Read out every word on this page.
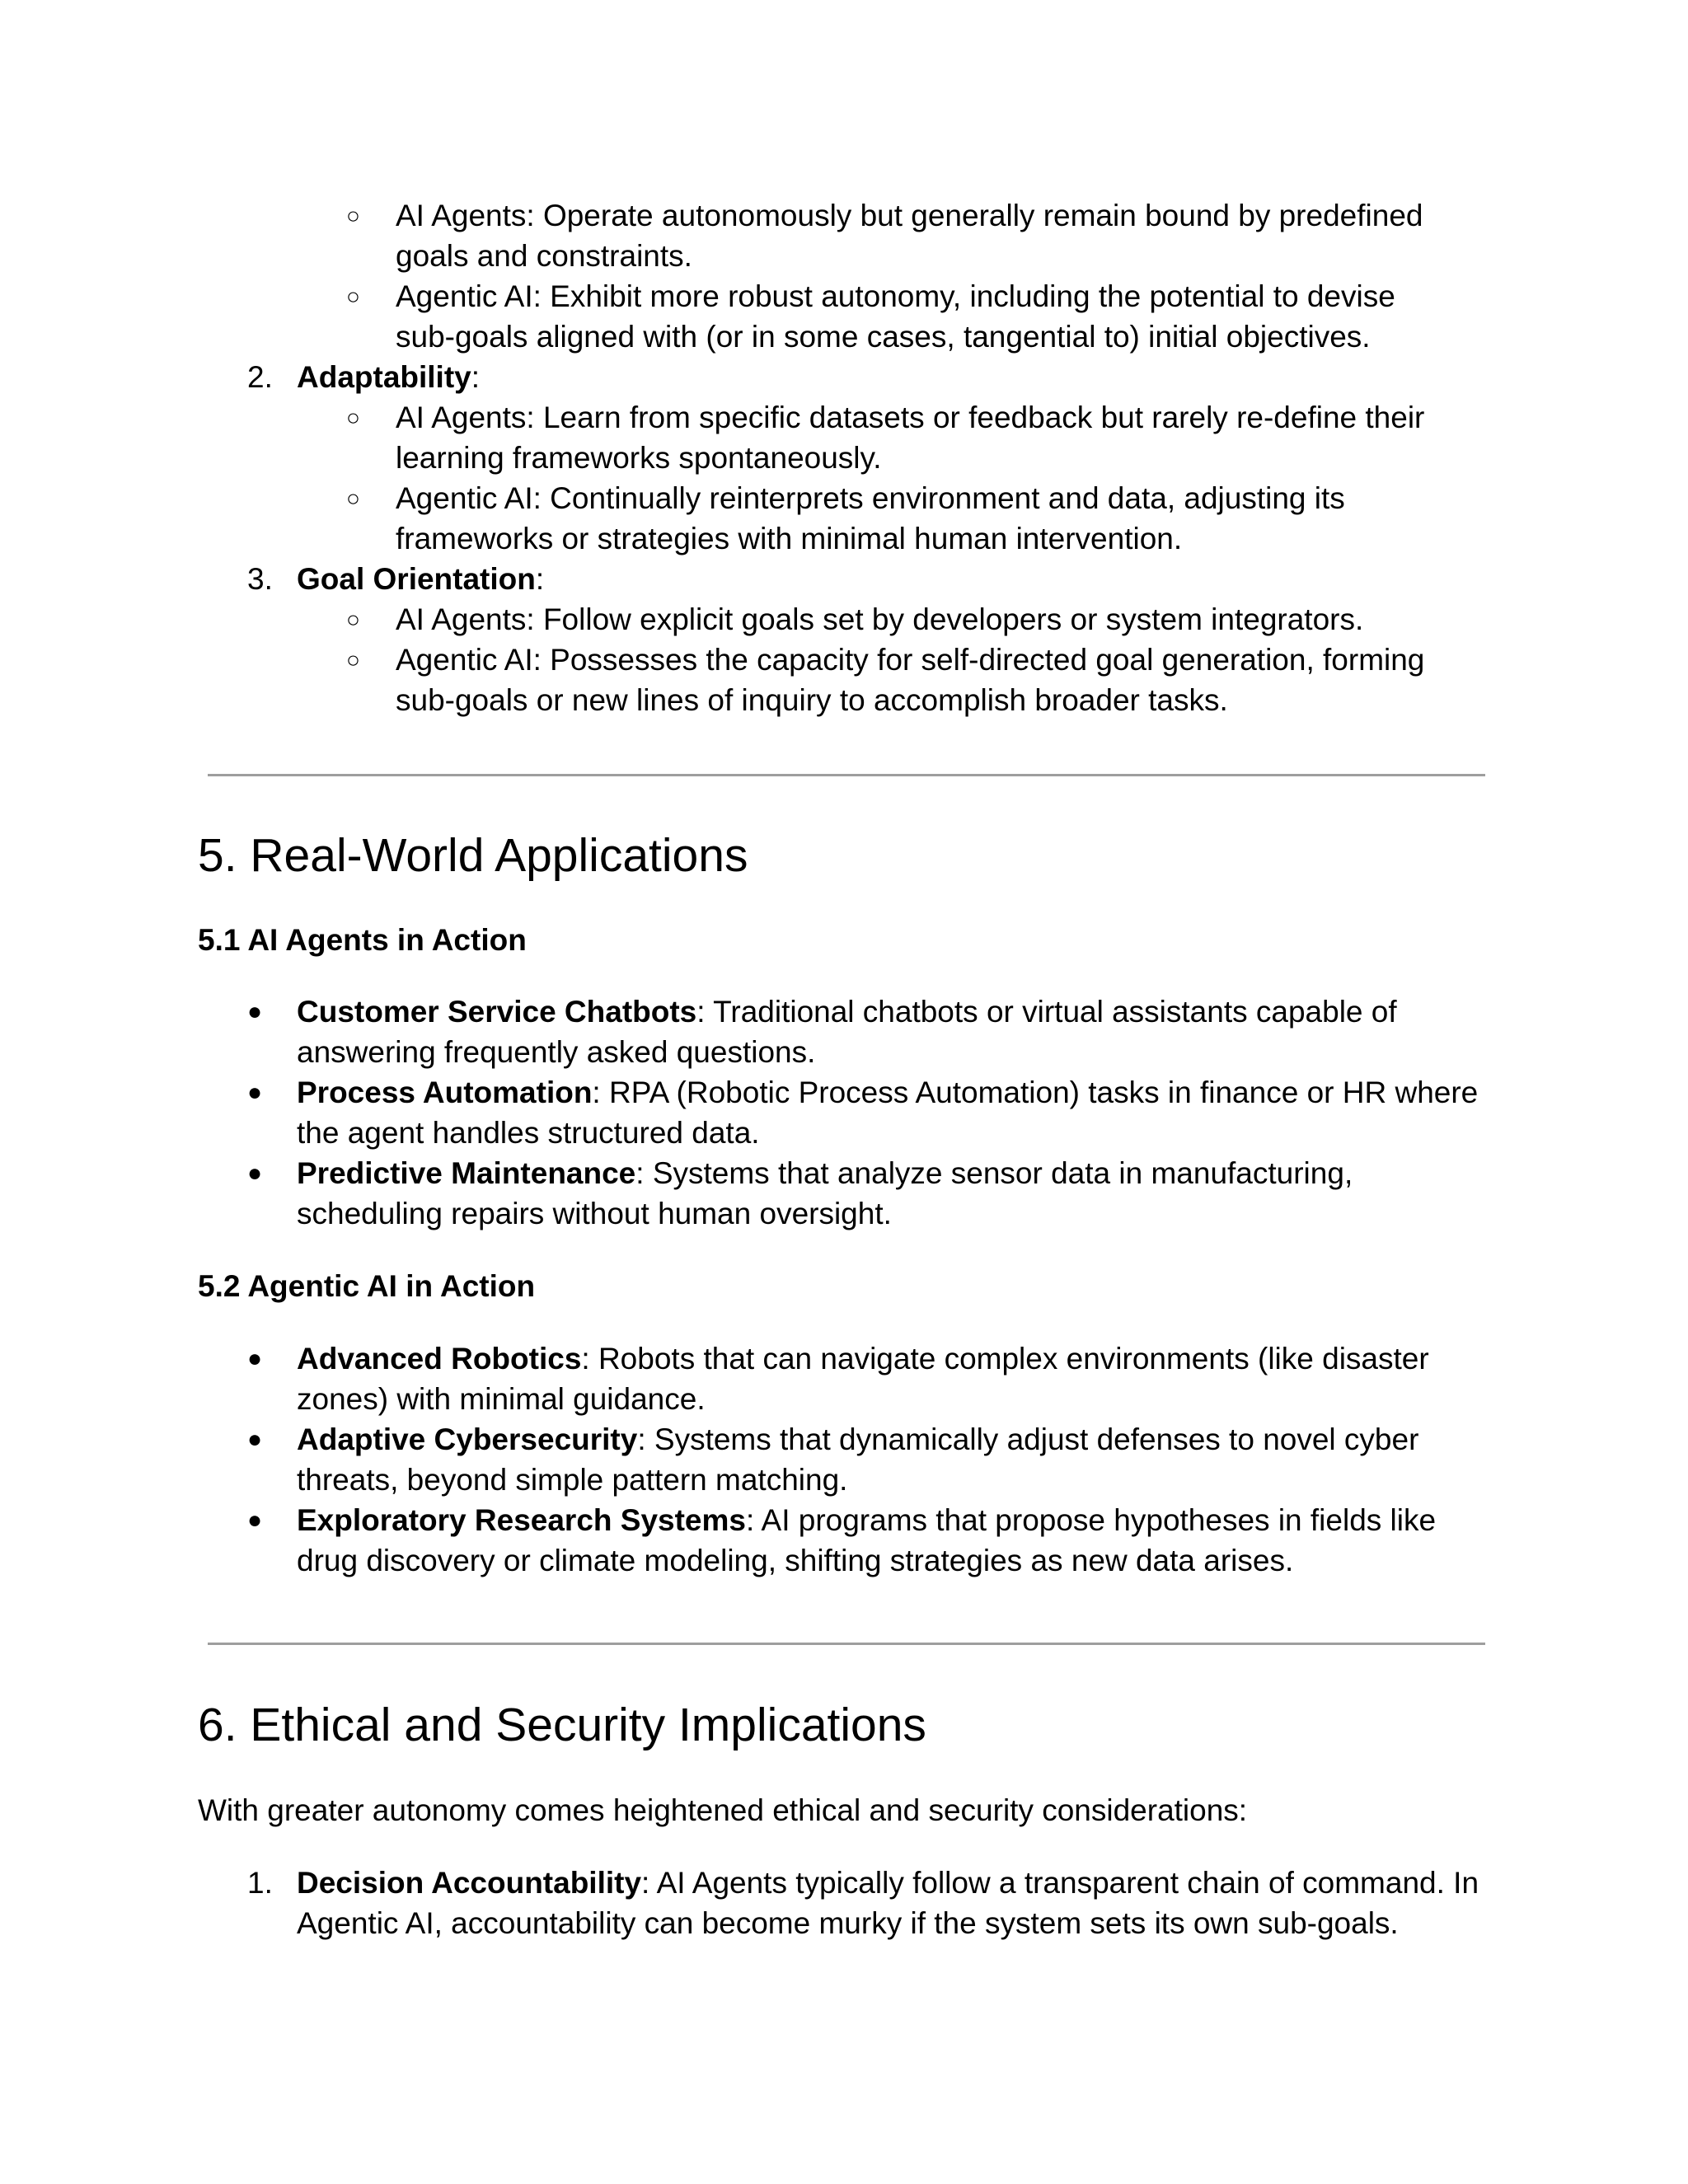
○ AI Agents: Operate autonomously but generally remain bound by predefined
goals and constraints.
○ Agentic AI: Exhibit more robust autonomy, including the potential to devise
sub-goals aligned with (or in some cases, tangential to) initial objectives.
2. Adaptability:
○ AI Agents: Learn from specific datasets or feedback but rarely re-define their
learning frameworks spontaneously.
○ Agentic AI: Continually reinterprets environment and data, adjusting its
frameworks or strategies with minimal human intervention.
3. Goal Orientation:
○ AI Agents: Follow explicit goals set by developers or system integrators.
○ Agentic AI: Possesses the capacity for self-directed goal generation, forming
sub-goals or new lines of inquiry to accomplish broader tasks.
5. Real-World Applications
5.1 AI Agents in Action
● Customer Service Chatbots: Traditional chatbots or virtual assistants capable of
answering frequently asked questions.
● Process Automation: RPA (Robotic Process Automation) tasks in finance or HR where
the agent handles structured data.
● Predictive Maintenance: Systems that analyze sensor data in manufacturing,
scheduling repairs without human oversight.
5.2 Agentic AI in Action
● Advanced Robotics: Robots that can navigate complex environments (like disaster
zones) with minimal guidance.
● Adaptive Cybersecurity: Systems that dynamically adjust defenses to novel cyber
threats, beyond simple pattern matching.
● Exploratory Research Systems: AI programs that propose hypotheses in fields like
drug discovery or climate modeling, shifting strategies as new data arises.
6. Ethical and Security Implications
With greater autonomy comes heightened ethical and security considerations:
1. Decision Accountability: AI Agents typically follow a transparent chain of command. In
Agentic AI, accountability can become murky if the system sets its own sub-goals.
